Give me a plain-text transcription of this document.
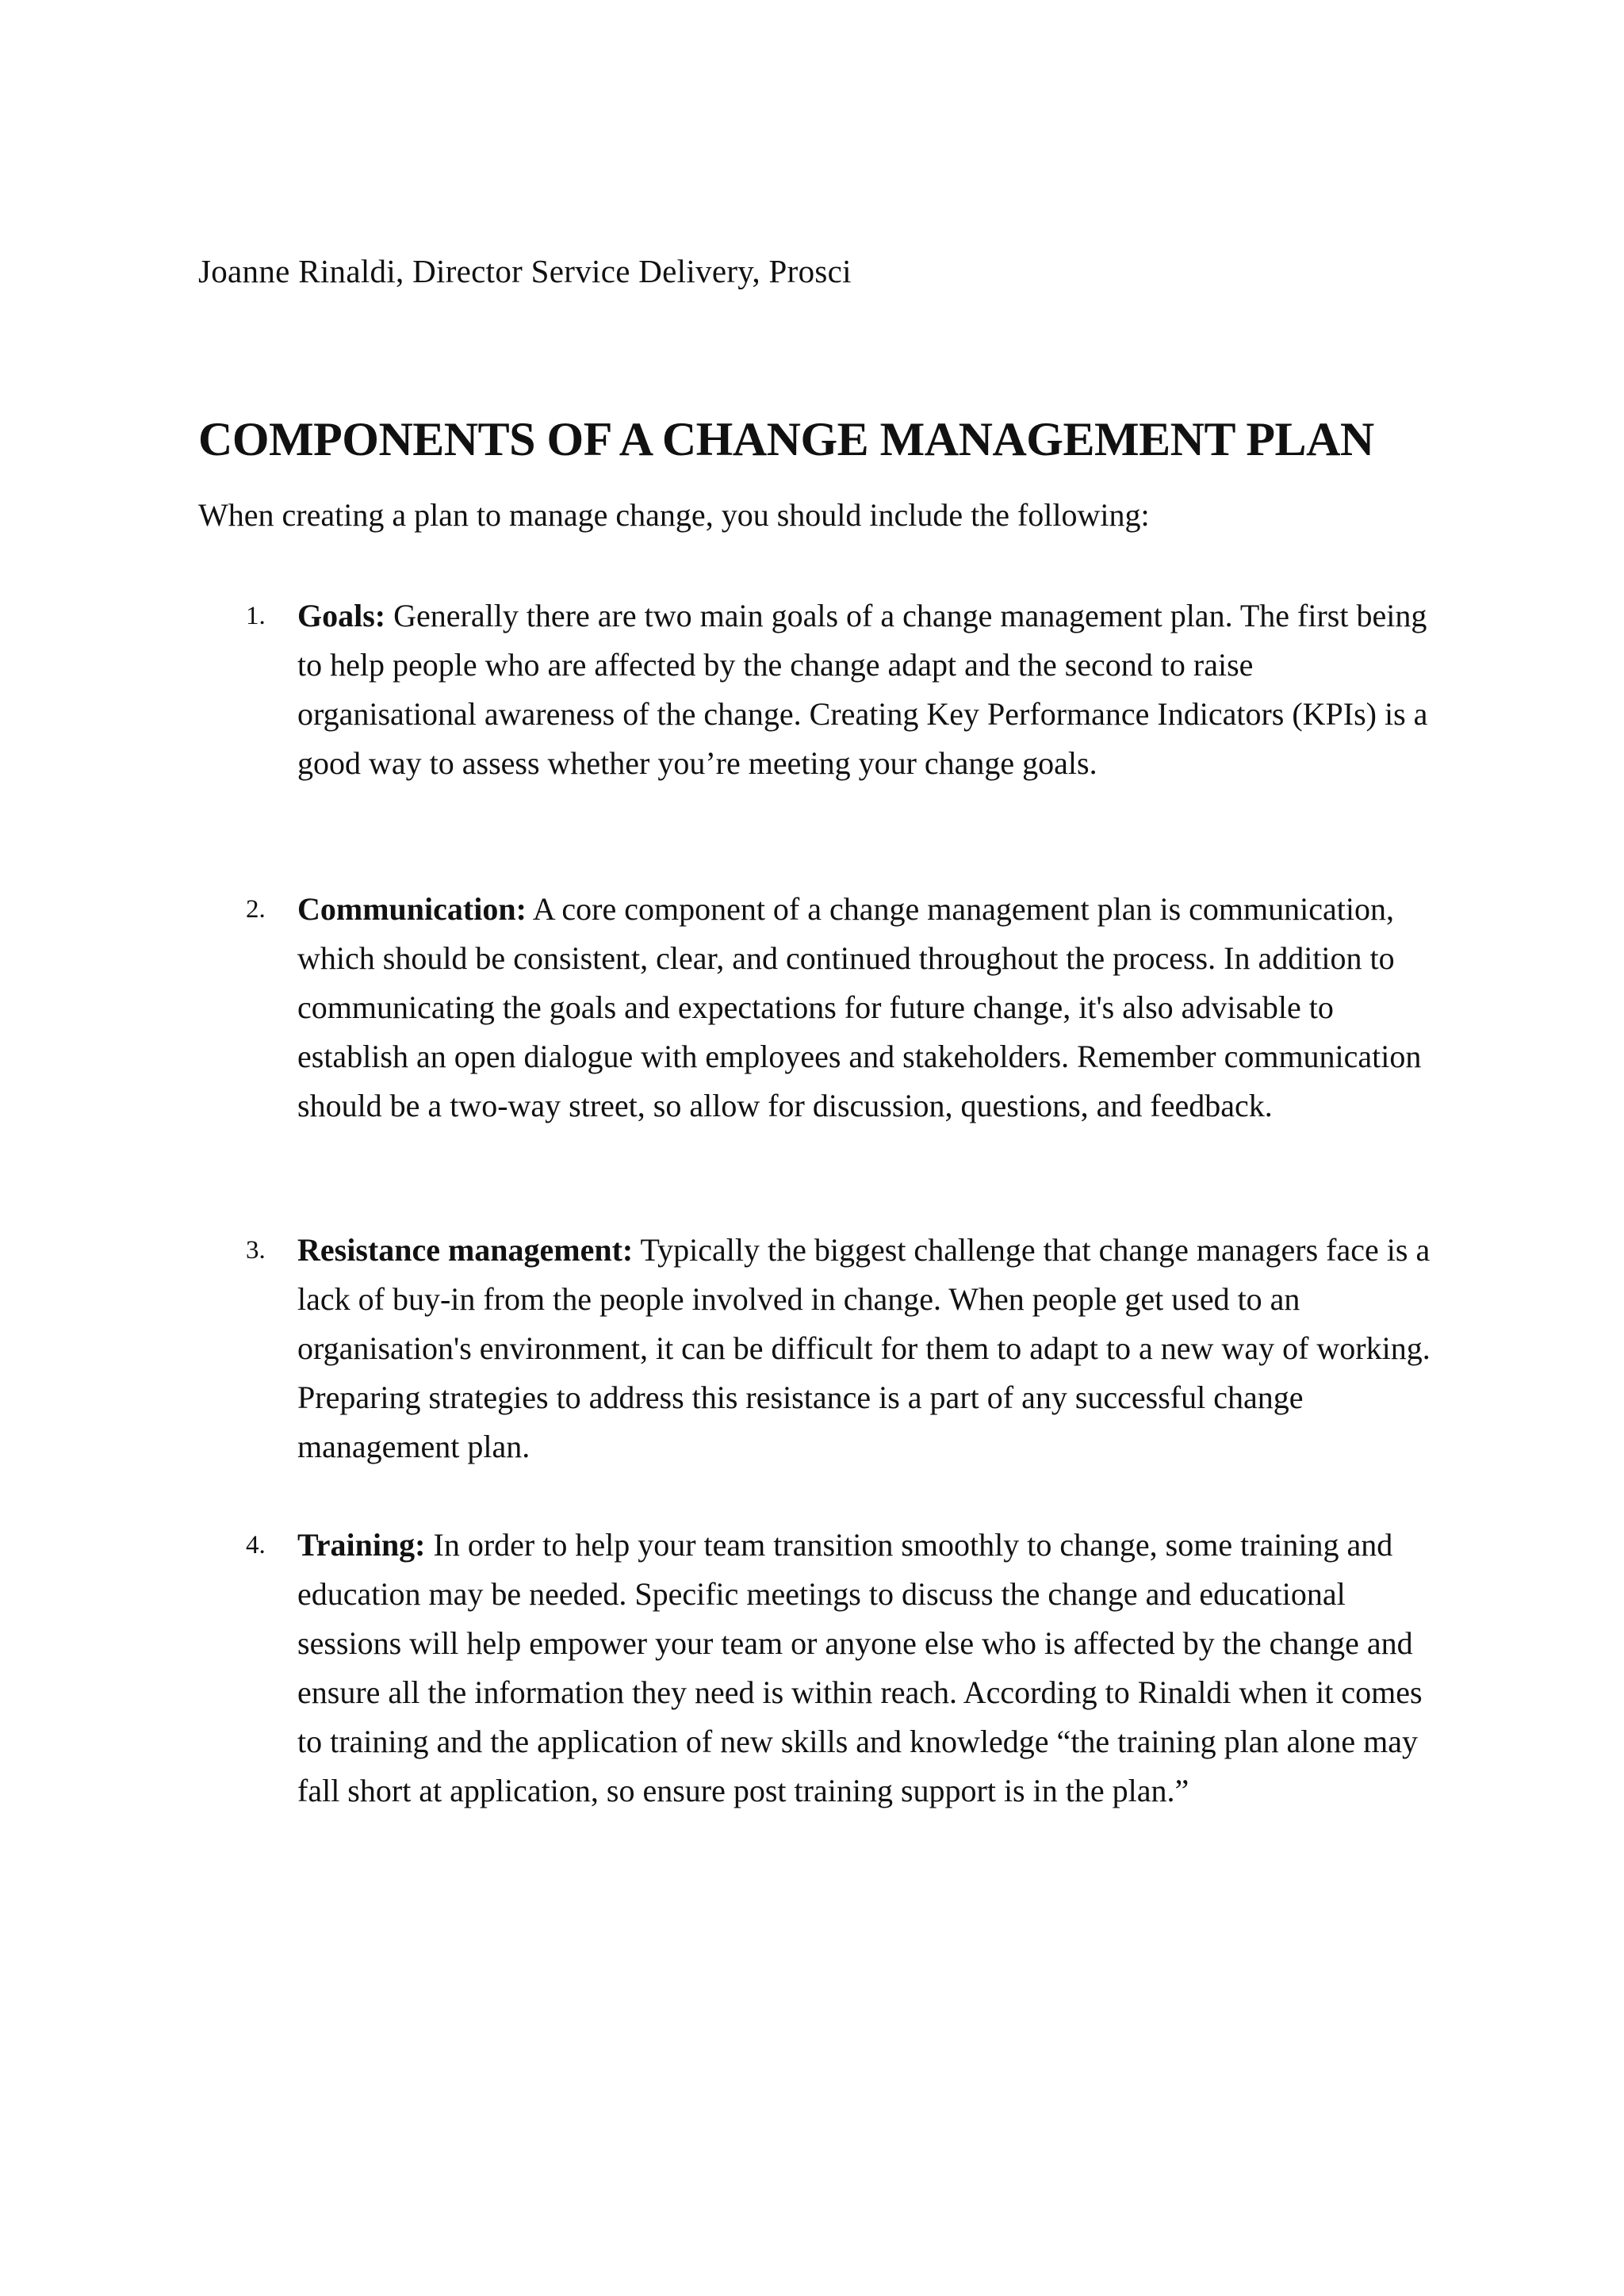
Joanne Rinaldi, Director Service Delivery, Prosci
COMPONENTS OF A CHANGE MANAGEMENT PLAN
When creating a plan to manage change, you should include the following:
1. Goals: Generally there are two main goals of a change management plan. The first being to help people who are affected by the change adapt and the second to raise organisational awareness of the change. Creating Key Performance Indicators (KPIs) is a good way to assess whether you’re meeting your change goals.
2. Communication: A core component of a change management plan is communication, which should be consistent, clear, and continued throughout the process. In addition to communicating the goals and expectations for future change, it's also advisable to establish an open dialogue with employees and stakeholders. Remember communication should be a two-way street, so allow for discussion, questions, and feedback.
3. Resistance management: Typically the biggest challenge that change managers face is a lack of buy-in from the people involved in change. When people get used to an organisation's environment, it can be difficult for them to adapt to a new way of working. Preparing strategies to address this resistance is a part of any successful change management plan.
4. Training: In order to help your team transition smoothly to change, some training and education may be needed. Specific meetings to discuss the change and educational sessions will help empower your team or anyone else who is affected by the change and ensure all the information they need is within reach. According to Rinaldi when it comes to training and the application of new skills and knowledge “the training plan alone may fall short at application, so ensure post training support is in the plan.”
